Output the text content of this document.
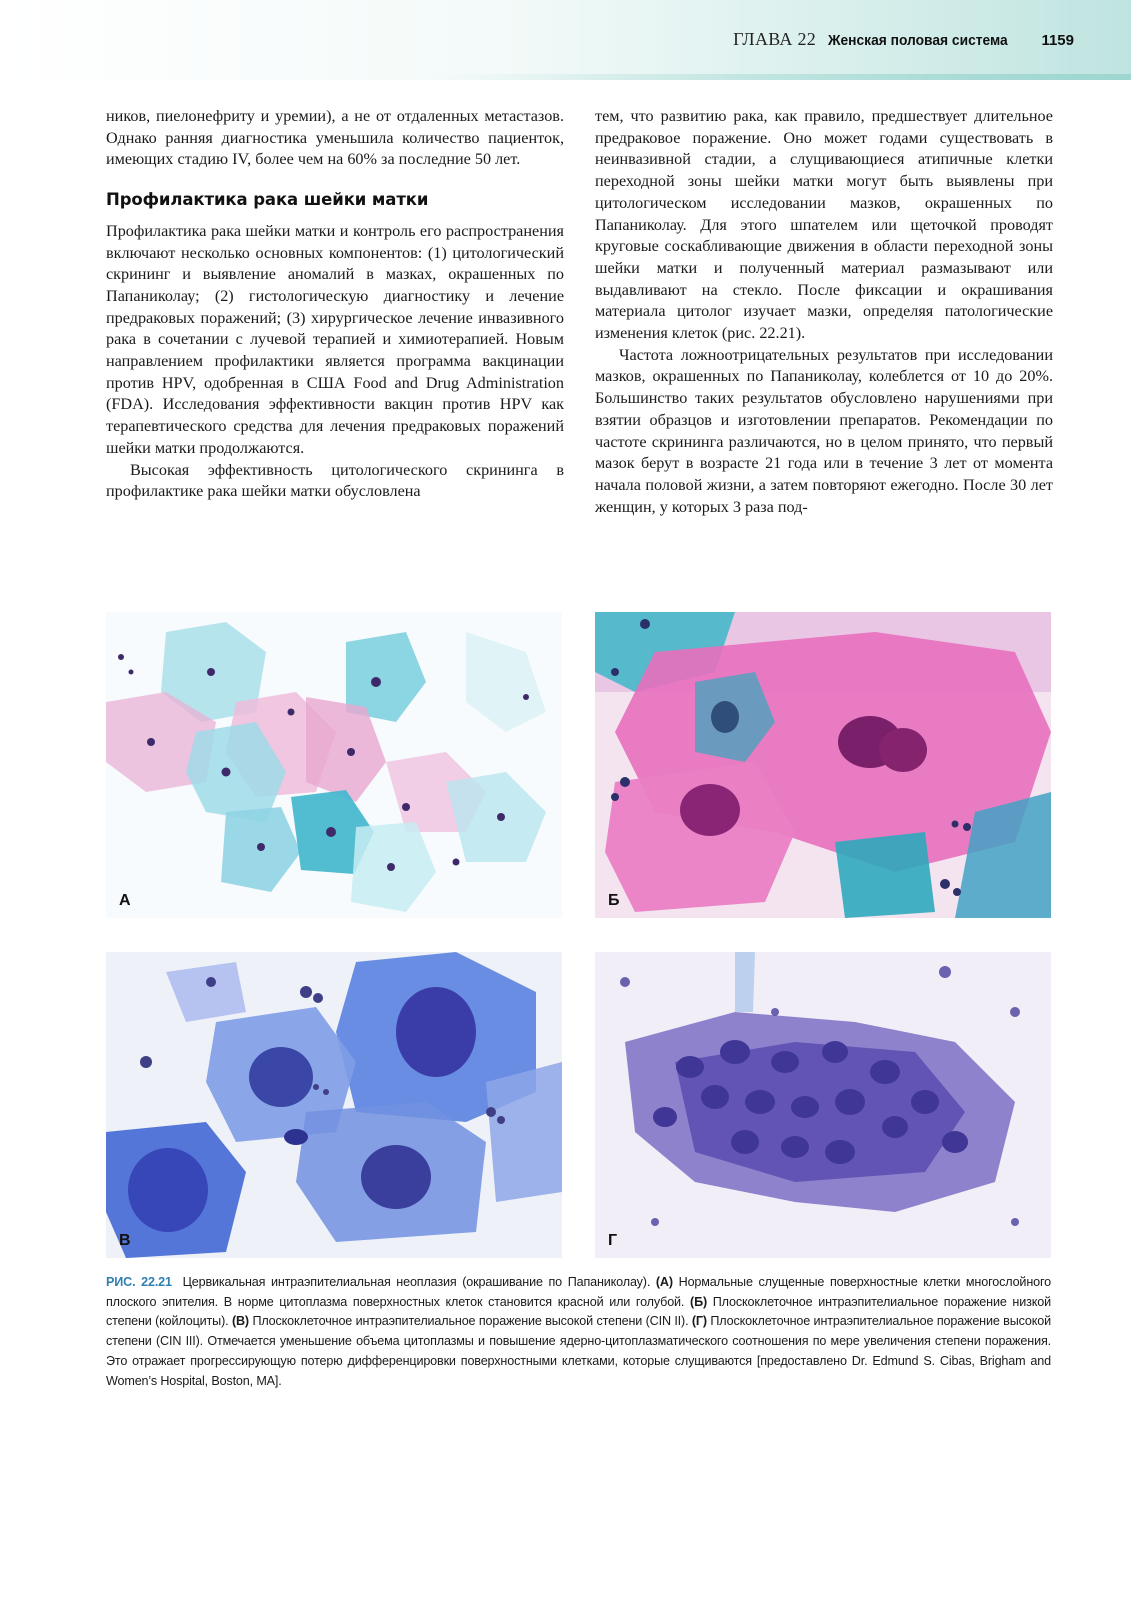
ГЛАВА 22 Женская половая система 1159

ников, пиелонефриту и уремии), а не от отдаленных метастазов. Однако ранняя диагностика уменьшила количество пациенток, имеющих стадию IV, более чем на 60% за последние 50 лет.

Профилактика рака шейки матки

Профилактика рака шейки матки и контроль его распространения включают несколько основных компонентов: (1) цитологический скрининг и выявление аномалий в мазках, окрашенных по Папаниколау; (2) гистологическую диагностику и лечение предраковых поражений; (3) хирургическое лечение инвазивного рака в сочетании с лучевой терапией и химиотерапией. Новым направлением профилактики является программа вакцинации против HPV, одобренная в США Food and Drug Administration (FDA). Исследования эффективности вакцин против HPV как терапевтического средства для лечения предраковых поражений шейки матки продолжаются.

Высокая эффективность цитологического скрининга в профилактике рака шейки матки обусловлена

тем, что развитию рака, как правило, предшествует длительное предраковое поражение. Оно может годами существовать в неинвазивной стадии, а слущивающиеся атипичные клетки переходной зоны шейки матки могут быть выявлены при цитологическом исследовании мазков, окрашенных по Папаниколау. Для этого шпателем или щеточкой проводят круговые соскабливающие движения в области переходной зоны шейки матки и полученный материал размазывают или выдавливают на стекло. После фиксации и окрашивания материала цитолог изучает мазки, определяя патологические изменения клеток (рис. 22.21).

Частота ложноотрицательных результатов при исследовании мазков, окрашенных по Папаниколау, колеблется от 10 до 20%. Большинство таких результатов обусловлено нарушениями при взятии образцов и изготовлении препаратов. Рекомендации по частоте скрининга различаются, но в целом принято, что первый мазок берут в возрасте 21 года или в течение 3 лет от момента начала половой жизни, а затем повторяют ежегодно. После 30 лет женщин, у которых 3 раза под-

А	Б
В	Г
РИС. 22.21 Цервикальная интраэпителиальная неоплазия (окрашивание по Папаниколау). (A) Нормальные слущенные поверхностные клетки многослойного плоского эпителия. В норме цитоплазма поверхностных клеток становится красной или голубой. (Б) Плоскоклеточное интраэпителиальное поражение низкой степени (койлоциты). (В) Плоскоклеточное интраэпителиальное поражение высокой степени (CIN II). (Г) Плоскоклеточное интраэпителиальное поражение высокой степени (CIN III). Отмечается уменьшение объема цитоплазмы и повышение ядерно-цитоплазматического соотношения по мере увеличения степени поражения. Это отражает прогрессирующую потерю дифференцировки поверхностными клетками, которые слущиваются [предоставлено Dr. Edmund S. Cibas, Brigham and Women’s Hospital, Boston, MA].
